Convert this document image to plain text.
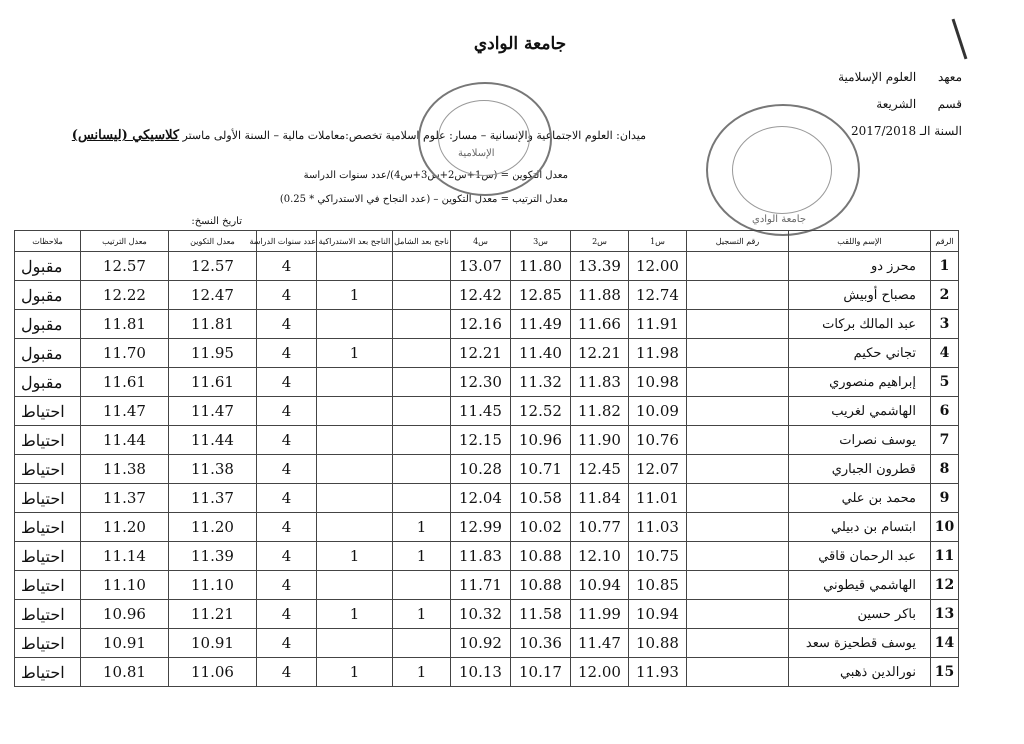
جامعة الوادي
معهد العلوم الإسلامية
قسم الشريعة
السنة الـ 2017/2018
ميدان: العلوم الاجتماعية والإنسانية – مسار: علوم اسلامية تخصص:معاملات مالية – السنة الأولى ماستر كلاسيكي (ليسانس)
معدل التكوين = (س1+س2+س3+س4)/عدد سنوات الدراسة
معدل الترتيب = معدل التكوين – (عدد النجاح في الاستدراكي * 0.25)
تاريخ النسخ:
الإسلامية
جامعة الوادي
الرقم	الإسم واللقب	رقم التسجيل	س1	س2	س3	س4	ناجح بعد الشامل	الناجح بعد الاستدراكية	عدد سنوات الدراسة	معدل التكوين	معدل الترتيب	ملاحظات
1	محرز دو		12.00	13.39	11.80	13.07			4	12.57	12.57	مقبول
2	مصباح أوبيش		12.74	11.88	12.85	12.42		1	4	12.47	12.22	مقبول
3	عبد المالك بركات		11.91	11.66	11.49	12.16			4	11.81	11.81	مقبول
4	تجاني حكيم		11.98	12.21	11.40	12.21		1	4	11.95	11.70	مقبول
5	إبراهيم منصوري		10.98	11.83	11.32	12.30			4	11.61	11.61	مقبول
6	الهاشمي لغريب		10.09	11.82	12.52	11.45			4	11.47	11.47	احتياط
7	يوسف نصرات		10.76	11.90	10.96	12.15			4	11.44	11.44	احتياط
8	قطرون الجباري		12.07	12.45	10.71	10.28			4	11.38	11.38	احتياط
9	محمد بن علي		11.01	11.84	10.58	12.04			4	11.37	11.37	احتياط
10	ابتسام بن دبيلي		11.03	10.77	10.02	12.99	1		4	11.20	11.20	احتياط
11	عبد الرحمان قاقي		10.75	12.10	10.88	11.83	1	1	4	11.39	11.14	احتياط
12	الهاشمي قيطوني		10.85	10.94	10.88	11.71			4	11.10	11.10	احتياط
13	باكر حسين		10.94	11.99	11.58	10.32	1	1	4	11.21	10.96	احتياط
14	يوسف قطحيزة سعد		10.88	11.47	10.36	10.92			4	10.91	10.91	احتياط
15	نورالدين ذهبي		11.93	12.00	10.17	10.13	1	1	4	11.06	10.81	احتياط
